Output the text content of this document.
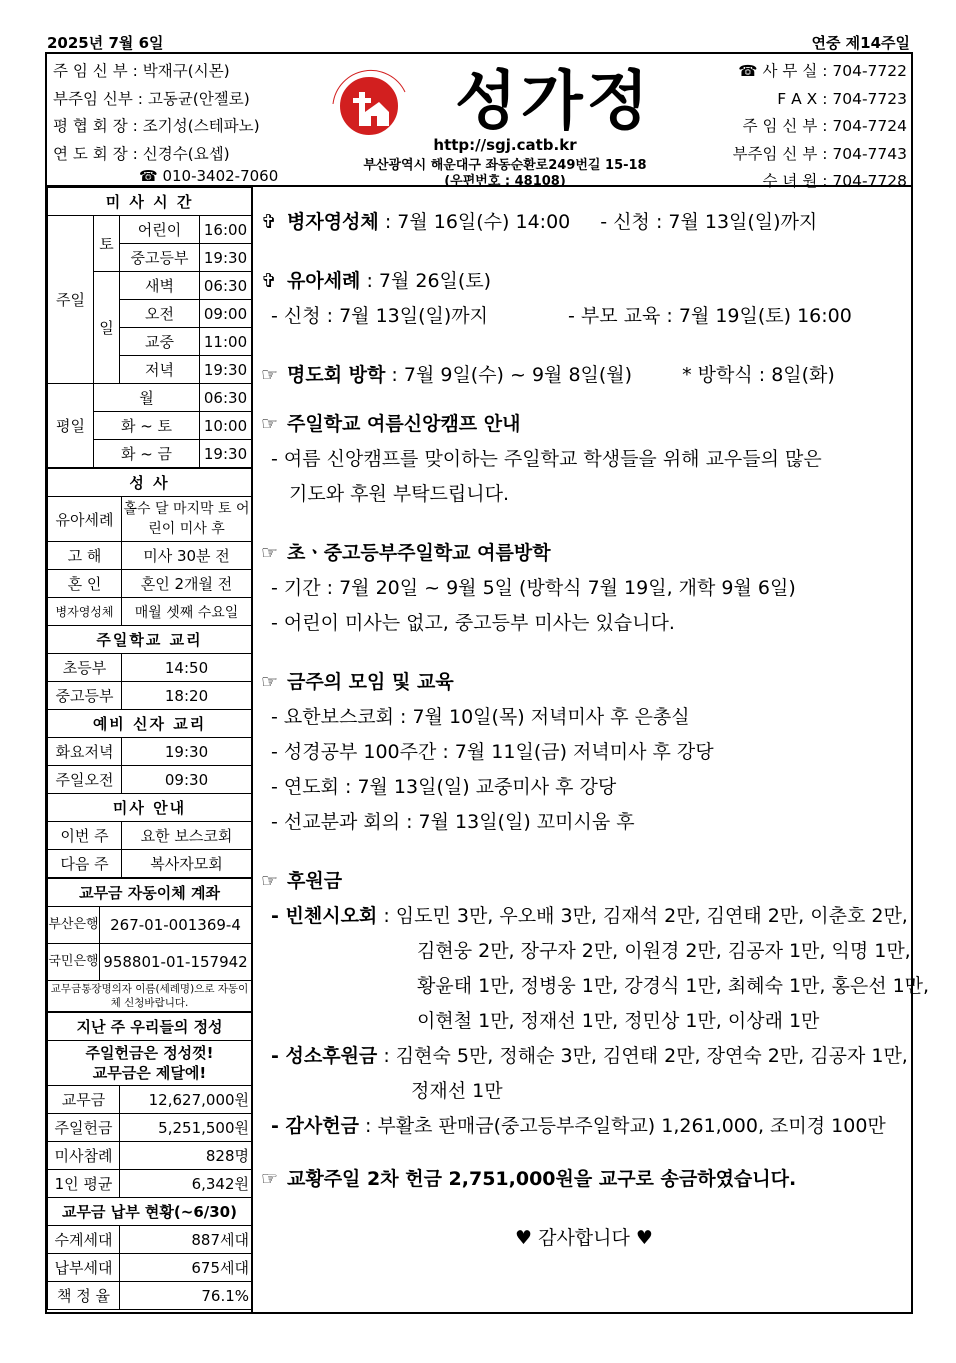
2025년 7월 6일	연중 제14주일
주 임 신 부 : 박재구(시몬)
부주임 신부 : 고동균(안젤로)
평 협 회 장 : 조기성(스테파노)
연 도 회 장 : 신경수(요셉)
☎ 010-3402-7060
성가정
http://sgj.catb.kr
부산광역시 해운대구 좌동순환로249번길 15-18
(우편번호 : 48108)
☎ 사 무 실 : 704-7722
F A X : 704-7723
주 임 신 부 : 704-7724
부주임 신 부 : 704-7743
수 녀 원 : 704-7728
미 사 시 간			
주일	토	어린이	16:00
		중고등부	19:30
	일	새벽	06:30
		오전	09:00
		교중	11:00
		저녁	19:30
평일	월		06:30
	화 ~ 토		10:00
	화 ~ 금		19:30
성 사	
유아세례	홀수 달 마지막 토 어린이 미사 후
고 해	미사 30분 전
혼 인	혼인 2개월 전
병자영성체	매월 셋째 수요일
주일학교 교리	
초등부	14:50
중고등부	18:20
예비 신자 교리	
화요저녁	19:30
주일오전	09:30
미사 안내	
이번 주	요한 보스코회
다음 주	복사자모회
교무금 자동이체 계좌	
부산은행	267-01-001369-4
국민은행	958801-01-157942
교무금통장명의자 이름(세례명)으로 자동이체 신청바랍니다.	
지난 주 우리들의 정성	
주일헌금은 정성껏! 교무금은 제달에!	
교무금	12,627,000원
주일헌금	5,251,500원
미사참례	828명
1인 평균	6,342원
교무금 납부 현황(~6/30)	
수계세대	887세대
납부세대	675세대
책 정 율	76.1%
✞ 병자영성체 : 7월 16일(수) 14:00 - 신청 : 7월 13일(일)까지
✞ 유아세례 : 7월 26일(토)
- 신청 : 7월 13일(일)까지	- 부모 교육 : 7월 19일(토) 16:00
☞ 명도회 방학 : 7월 9일(수) ~ 9월 8일(월)	* 방학식 : 8일(화)
☞ 주일학교 여름신앙캠프 안내
- 여름 신앙캠프를 맞이하는 주일학교 학생들을 위해 교우들의 많은
기도와 후원 부탁드립니다.
☞ 초ㆍ중고등부주일학교 여름방학
- 기간 : 7월 20일 ~ 9월 5일 (방학식 7월 19일, 개학 9월 6일)
- 어린이 미사는 없고, 중고등부 미사는 있습니다.
☞ 금주의 모임 및 교육
- 요한보스코회 : 7월 10일(목) 저녁미사 후 은총실
- 성경공부 100주간 : 7월 11일(금) 저녁미사 후 강당
- 연도회 : 7월 13일(일) 교중미사 후 강당
- 선교분과 회의 : 7월 13일(일) 꼬미시움 후
☞ 후원금
- 빈첸시오회 : 임도민 3만, 우오배 3만, 김재석 2만, 김연태 2만, 이춘호 2만,
김현웅 2만, 장구자 2만, 이원경 2만, 김공자 1만, 익명 1만,
황윤태 1만, 정병웅 1만, 강경식 1만, 최혜숙 1만, 홍은선 1만,
이현철 1만, 정재선 1만, 정민상 1만, 이상래 1만
- 성소후원금 : 김현숙 5만, 정해순 3만, 김연태 2만, 장연숙 2만, 김공자 1만,
정재선 1만
- 감사헌금 : 부활초 판매금(중고등부주일학교) 1,261,000, 조미경 100만
☞ 교황주일 2차 헌금 2,751,000원을 교구로 송금하였습니다.
♥ 감사합니다 ♥
